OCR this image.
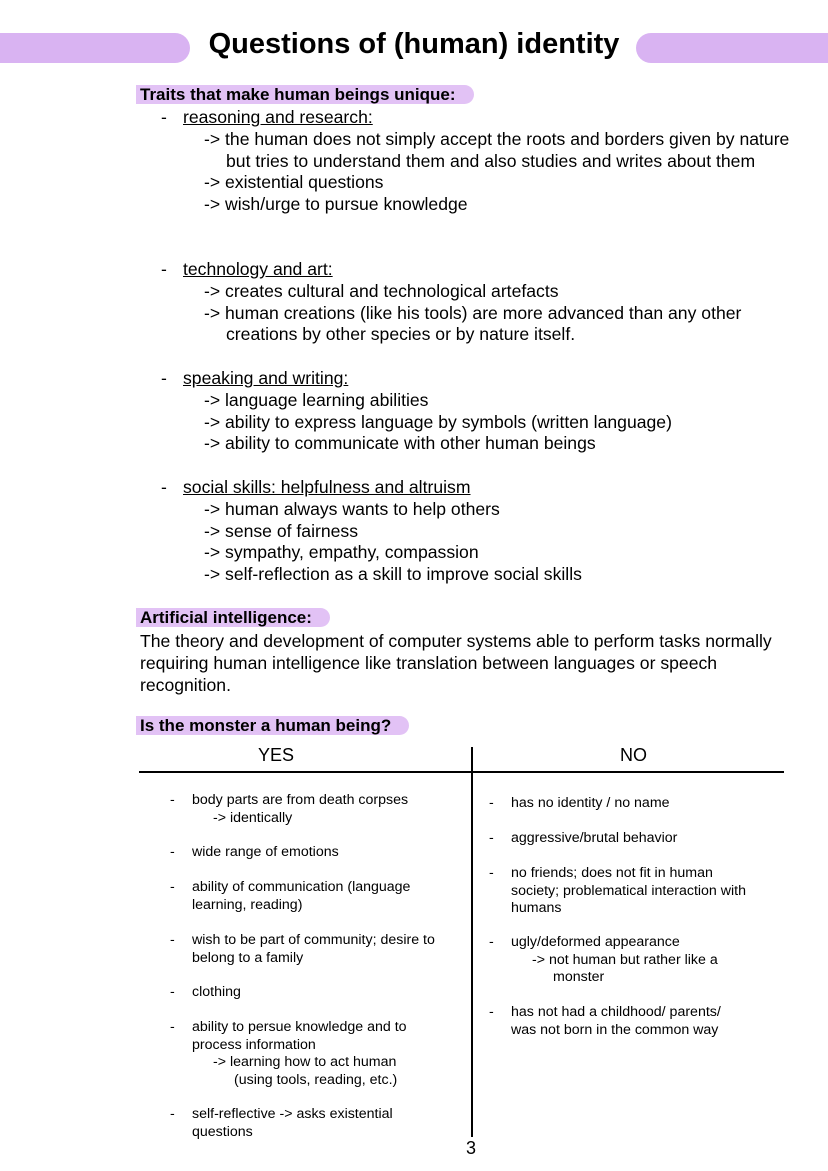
Questions of (human) identity
Traits that make human beings unique:
- reasoning and research:
-> the human does not simply accept the roots and borders given by nature but tries to understand them and also studies and writes about them
-> existential questions
-> wish/urge to pursue knowledge
- technology and art:
-> creates cultural and technological artefacts
-> human creations (like his tools) are more advanced than any other creations by other species or by nature itself.
- speaking and writing:
-> language learning abilities
-> ability to express language by symbols (written language)
-> ability to communicate with other human beings
- social skills: helpfulness and altruism
-> human always wants to help others
-> sense of fairness
-> sympathy, empathy, compassion
-> self-reflection as a skill to improve social skills
Artificial intelligence:

The theory and development of computer systems able to perform tasks normally requiring human intelligence like translation between languages or speech recognition.

Is the monster a human being?
YES	NO
- body parts are from death corpses
-> identically
- wide range of emotions
- ability of communication (language learning, reading)
- wish to be part of community; desire to belong to a family
- clothing
- ability to persue knowledge and to process information
-> learning how to act human
(using tools, reading, etc.)
- self-reflective -> asks existential questions
- has no identity / no name
- aggressive/brutal behavior
- no friends; does not fit in human society; problematical interaction with humans
- ugly/deformed appearance
-> not human but rather like a
monster
- has not had a childhood/ parents/ was not born in the common way
3
